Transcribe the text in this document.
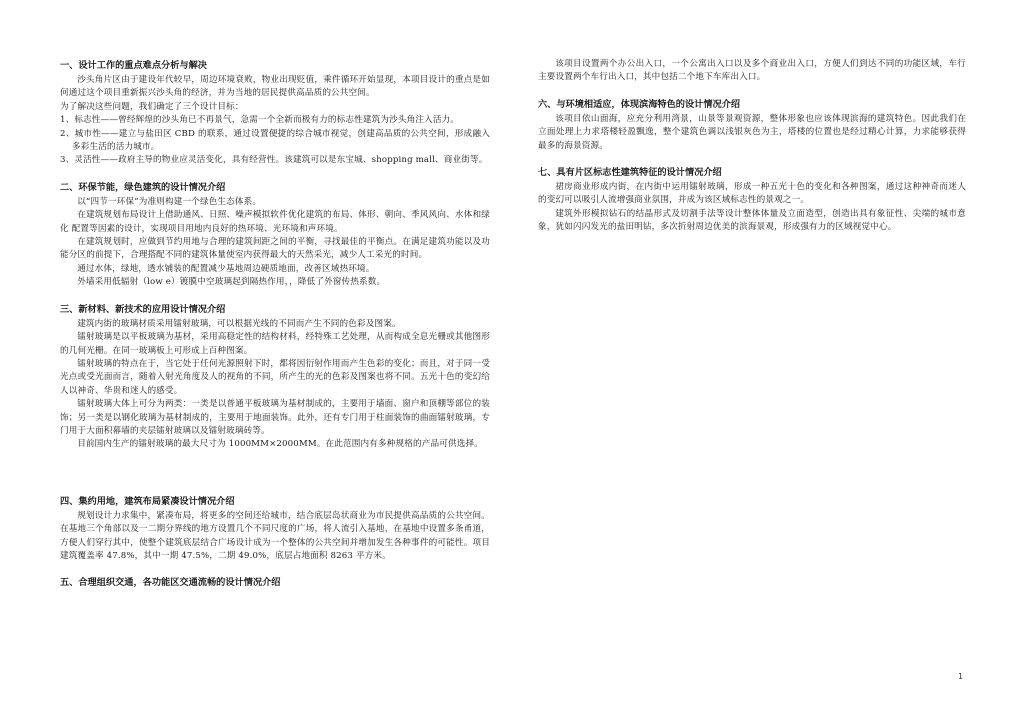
一、设计工作的重点难点分析与解决

沙头角片区由于建设年代较早，周边环境衰败，物业出现贬值，乘件循环开始显现，本项目设计的重点是如何通过这个项目重新振兴沙头角的经济，并为当地的居民提供高品质的公共空间。

为了解决这些问题，我们确定了三个设计目标：

1、标志性——曾经辉煌的沙头角已不再景气，急需一个全新而极有力的标志性建筑为沙头角注入活力。

2、城市性——建立与盐田区 CBD 的联系，通过设置便捷的综合城市视觉，创建高品质的公共空间，形成融入多彩生活的活力城市。

3、灵活性——政府主导的物业应灵活变化，具有经营性。该建筑可以是东宝城、shopping mall、商业街等。

二、环保节能，绿色建筑的设计情况介绍

以“四节一环保”为准则构建一个绿色生态体系。

在建筑规划布局设计上借助通风、日照、噪声模拟软件优化建筑的布局、体形、朝向、季风风向、水体和绿化 配置等因素的设计，实现项目用地内良好的热环境、光环境和声环境。

在建筑规划时，应做到节约用地与合理的建筑间距之间的平衡，寻找最佳的平衡点。在满足建筑功能以及功能分区的前提下，合理搭配不同的建筑体量使室内获得最大的天然采光，减少人工采光的时间。

通过水体，绿地，透水铺装的配置减少基地周边硬质地面，改善区域热环境。

外墙采用低辐射（low e）镀膜中空玻璃起到隔热作用，，降低了外窗传热系数。

三、新材料、新技术的应用设计情况介绍

建筑内街的玻璃材质采用镭射玻璃，可以根据光线的不同而产生不同的色彩及图案。

镭射玻璃是以平板玻璃为基材，采用高稳定性的结构材料，经特殊工艺处理，从而构成全息光栅或其他图形的几何光栅。在同一玻璃板上可形成上百种图案。

镭射玻璃的特点在于，当它处于任何光源照射下时，都将因衍射作用而产生色彩的变化；而且，对于同一受光点或受光面而言，随着入射光角度及人的视角的不同，所产生的光的色彩及图案也将不同。五光十色的变幻给人以神奇、华贵和迷人的感受。

镭射玻璃大体上可分为两类：一类是以普通平板玻璃为基材制成的，主要用于墙面、窗户和顶棚等部位的装饰；另一类是以钢化玻璃为基材制成的，主要用于地面装饰。此外，还有专门用于柱面装饰的曲面镭射玻璃，专门用于大面积幕墙的夹层镭射玻璃以及镭射玻璃砖等。

目前国内生产的镭射玻璃的最大尺寸为 1000MM×2000MM。在此范围内有多种规格的产品可供选择。

四、集约用地，建筑布局紧凑设计情况介绍

规划设计力求集中，紧凑布局，将更多的空间还给城市，结合底层岛状商业为市民提供高品质的公共空间。在基地三个角部以及一二期分界线的地方设置几个不同尺度的广场，将人流引入基地，在基地中设置多条甬道，方便人们穿行其中，使整个建筑底层结合广场设计成为一个整体的公共空间并增加发生各种事件的可能性。项目建筑覆盖率 47.8%，其中一期 47.5%，二期 49.0%，底层占地面积 8263 平方米。

五、合理组织交通，各功能区交通流畅的设计情况介绍

该项目设置两个办公出入口，一个公寓出入口以及多个商业出入口，方便人们到达不同的功能区域，车行主要设置两个车行出入口，其中包括二个地下车库出入口。

六、与环境相适应，体现滨海特色的设计情况介绍

该项目依山面海，应充分利用湾景，山景等景观资源，整体形象也应该体现滨海的建筑特色。因此我们在立面处理上力求塔楼轻盈飘逸，整个建筑色调以浅银灰色为主，塔楼的位置也是经过精心计算，力求能够获得最多的海景资源。

七、具有片区标志性建筑特征的设计情况介绍

裙房商业形成内街，在内街中运用镭射玻璃，形成一种五光十色的变化和各种图案，通过这种神奇而迷人的变幻可以吸引人流增强商业氛围，并成为该区域标志性的景观之一。

建筑外形模拟钻石的结晶形式及切割手法等设计整体体量及立面造型，创造出具有象征性、尖端的城市意象，犹如闪闪发光的盐田明钻，多次折射周边优美的滨海景观，形成强有力的区域视觉中心。

1
